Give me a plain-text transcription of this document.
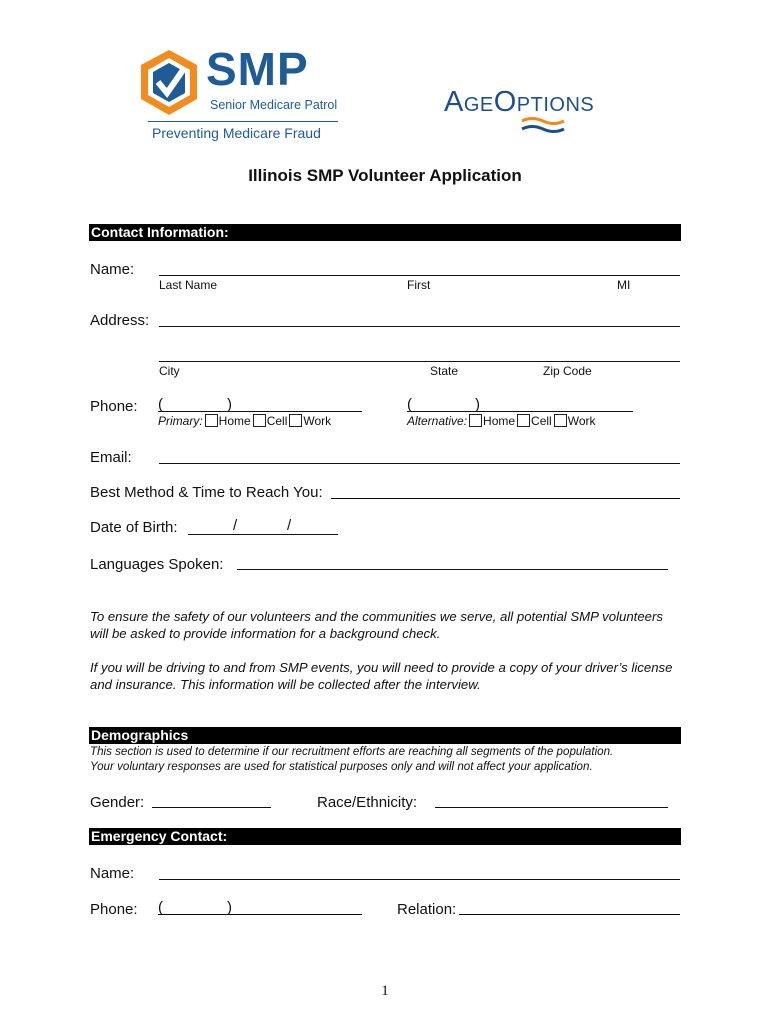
SMP
Senior Medicare Patrol
Preventing Medicare Fraud
AgeOptions
Illinois SMP Volunteer Application
Contact Information:
Name:
Last Name	First	MI
Address:
City	State	Zip Code
Phone: (	)
Primary: Home Cell Work
(	)
Alternative: Home Cell Work
Email:
Best Method & Time to Reach You:
Date of Birth:	/	/
Languages Spoken:
To ensure the safety of our volunteers and the communities we serve, all potential SMP volunteers will be asked to provide information for a background check.
If you will be driving to and from SMP events, you will need to provide a copy of your driver’s license and insurance. This information will be collected after the interview.
Demographics
This section is used to determine if our recruitment efforts are reaching all segments of the population.
Your voluntary responses are used for statistical purposes only and will not affect your application.
Gender:	Race/Ethnicity:
Emergency Contact:
Name:
Phone: (	)	Relation:
1
